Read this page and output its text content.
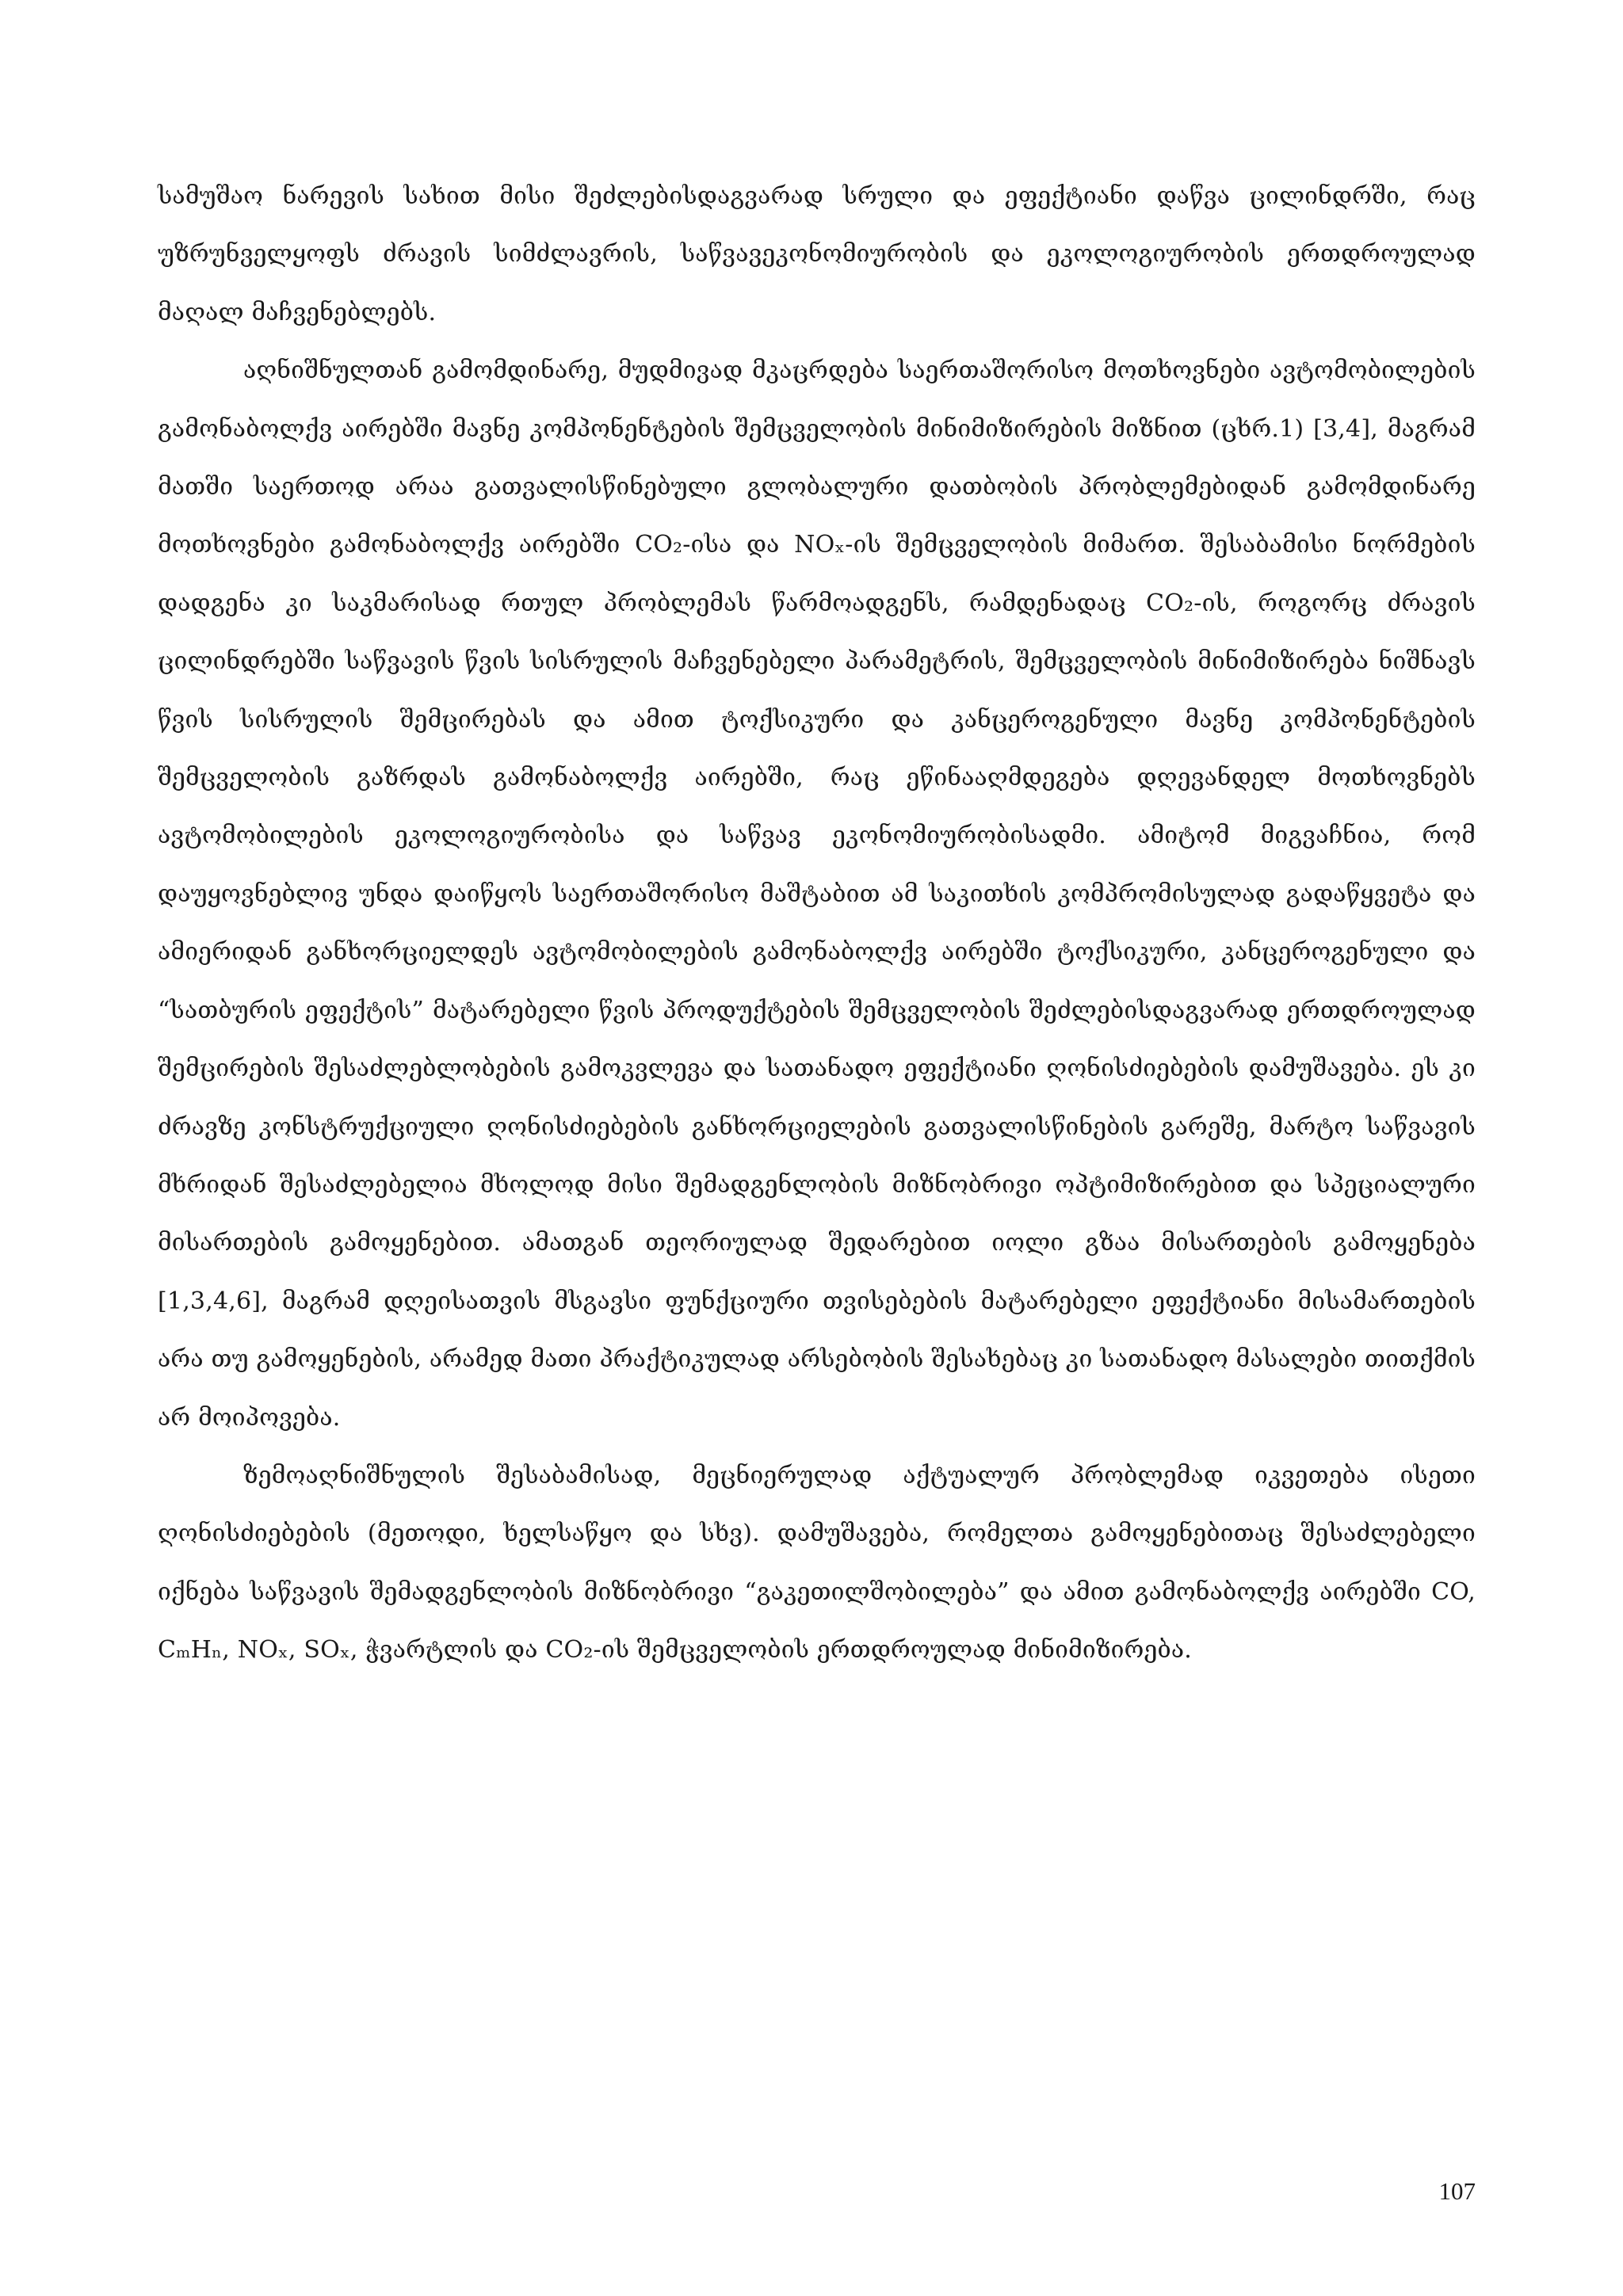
სამუშაო ნარევის სახით მისი შეძლებისდაგვარად სრული და ეფექტიანი დაწვა ცილინდრში, რაც უზრუნველყოფს ძრავის სიმძლავრის, საწვავეკონომიურობის და ეკოლოგიურობის ერთდროულად მაღალ მაჩვენებლებს.

აღნიშნულთან გამომდინარე, მუდმივად მკაცრდება საერთაშორისო მოთხოვნები ავტომობილების გამონაბოლქვ აირებში მავნე კომპონენტების შემცველობის მინიმიზირების მიზნით (ცხრ.1) [3,4], მაგრამ მათში საერთოდ არაა გათვალისწინებული გლობალური დათბობის პრობლემებიდან გამომდინარე მოთხოვნები გამონაბოლქვ აირებში CO₂-ისა და NOₓ-ის შემცველობის მიმართ. შესაბამისი ნორმების დადგენა კი საკმარისად რთულ პრობლემას წარმოადგენს, რამდენადაც CO₂-ის, როგორც ძრავის ცილინდრებში საწვავის წვის სისრულის მაჩვენებელი პარამეტრის, შემცველობის მინიმიზირება ნიშნავს წვის სისრულის შემცირებას და ამით ტოქსიკური და კანცეროგენული მავნე კომპონენტების შემცველობის გაზრდას გამონაბოლქვ აირებში, რაც ეწინააღმდეგება დღევანდელ მოთხოვნებს ავტომობილების ეკოლოგიურობისა და საწვავ ეკონომიურობისადმი. ამიტომ მიგვაჩნია, რომ დაუყოვნებლივ უნდა დაიწყოს საერთაშორისო მაშტაბით ამ საკითხის კომპრომისულად გადაწყვეტა და ამიერიდან განხორციელდეს ავტომობილების გამონაბოლქვ აირებში ტოქსიკური, კანცეროგენული და “სათბურის ეფექტის” მატარებელი წვის პროდუქტების შემცველობის შეძლებისდაგვარად ერთდროულად შემცირების შესაძლებლობების გამოკვლევა და სათანადო ეფექტიანი ღონისძიებების დამუშავება. ეს კი ძრავზე კონსტრუქციული ღონისძიებების განხორციელების გათვალისწინების გარეშე, მარტო საწვავის მხრიდან შესაძლებელია მხოლოდ მისი შემადგენლობის მიზნობრივი ოპტიმიზირებით და სპეციალური მისართების გამოყენებით. ამათგან თეორიულად შედარებით იოლი გზაა მისართების გამოყენება [1,3,4,6], მაგრამ დღეისათვის მსგავსი ფუნქციური თვისებების მატარებელი ეფექტიანი მისამართების არა თუ გამოყენების, არამედ მათი პრაქტიკულად არსებობის შესახებაც კი სათანადო მასალები თითქმის არ მოიპოვება.

ზემოაღნიშნულის შესაბამისად, მეცნიერულად აქტუალურ პრობლემად იკვეთება ისეთი ღონისძიებების (მეთოდი, ხელსაწყო და სხვ). დამუშავება, რომელთა გამოყენებითაც შესაძლებელი იქნება საწვავის შემადგენლობის მიზნობრივი “გაკეთილშობილება” და ამით გამონაბოლქვ აირებში CO, CₘHₙ, NOₓ, SOₓ, ჭვარტლის და CO₂-ის შემცველობის ერთდროულად მინიმიზირება.

107
